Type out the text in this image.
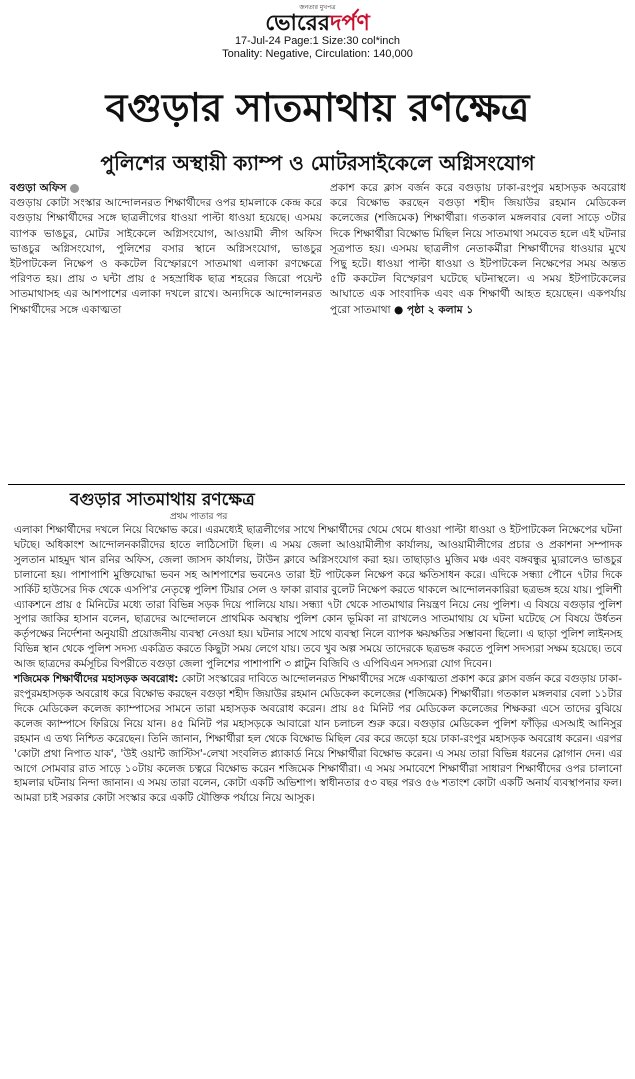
জনতার মুখপত্র
ভোরেরদর্পণ
17-Jul-24 Page:1 Size:30 col*inch
Tonality: Negative, Circulation: 140,000
বগুড়ার সাতমাথায় রণক্ষেত্র
পুলিশের অস্থায়ী ক্যাম্প ও মোটরসাইকেলে অগ্নিসংযোগ
বগুড়া অফিস
বগুড়ায় কোটা সংস্কার আন্দোলনরত শিক্ষার্থীদের ওপর হামলাকে কেন্দ্র করে বগুড়ায় শিক্ষার্থীদের সঙ্গে ছাত্রলীগের ধাওয়া পাল্টা ধাওয়া হয়েছে। এসময় ব্যাপক ভাঙচুর, মোটর সাইকেলে অগ্নিসংযোগ, আওয়ামী লীগ অফিস ভাঙচুর অগ্নিসংযোগ, পুলিশের বসার স্থানে অগ্নিসংযোগ, ভাঙচুর ইটপাটকেল নিক্ষেপ ও ককটেল বিস্ফোরণে সাতমাথা এলাকা রণক্ষেত্রে পরিণত হয়। প্রায় ৩ ঘন্টা প্রায় ৫ সহস্রাধিক ছাত্র শহরের জিরো পয়েন্ট সাতমাথাসহ এর আশপাশের এলাকা দখলে রাখে। অন্যদিকে আন্দোলনরত শিক্ষার্থীদের সঙ্গে একাত্মতা
প্রকাশ করে ক্লাস বর্জন করে বগুড়ায় ঢাকা-রংপুর মহাসড়ক অবরোধ করে বিক্ষোভ করছেন বগুড়া শহীদ জিয়াউর রহমান মেডিকেল কলেজের (শজিমেক) শিক্ষার্থীরা। গতকাল মঙ্গলবার বেলা সাড়ে ৩টার দিকে শিক্ষার্থীরা বিক্ষোভ মিছিল নিয়ে সাতমাথা সমবেত হলে এই ঘটনার সূত্রপাত হয়। এসময় ছাত্রলীগ নেতাকর্মীরা শিক্ষার্থীদের ধাওয়ার মুখে পিছু হটে। ধাওয়া পাল্টা ধাওয়া ও ইটপাটকেল নিক্ষেপের সময় অন্তত ৫টি ককটেল বিস্ফোরণ ঘটেছে ঘটনাস্থলে। এ সময় ইটপাটকেলের আঘাতে এক সাংবাদিক এবং এক শিক্ষার্থী আহত হয়েছেন। একপর্যায় পুরো সাতমাথা ● পৃষ্ঠা ২ কলাম ১
বগুড়ার সাতমাথায় রণক্ষেত্র
প্রথম পাতার পর

এলাকা শিক্ষার্থীদের দখলে নিয়ে বিক্ষোভ করে। এরমধ্যেই ছাত্রলীগের সাথে শিক্ষার্থীদের থেমে থেমে ধাওয়া পাল্টা ধাওয়া ও ইটপাটকেল নিক্ষেপের ঘটনা ঘটছে। অধিকাংশ আন্দোলনকারীদের হাতে লাঠিসোটা ছিল। এ সময় জেলা আওয়ামীলীগ কার্যালয়, আওয়ামীলীগের প্রচার ও প্রকাশনা সম্পাদক সুলতান মাহমুদ খান রনির অফিস, জেলা জাসদ কার্যালয়, টাউন ক্লাবে অগ্নিসংযোগ করা হয়। তাছাড়াও মুজিব মঞ্চ এবং বঙ্গবন্ধুর ম্যুরালেও ভাঙচুর চালানো হয়। পাশাপাশি মুক্তিযোদ্ধা ভবন সহ আশপাশের ভবনেও তারা ইট পাটকেল নিক্ষেপ করে ক্ষতিসাধন করে। এদিকে সন্ধ্যা পৌনে ৭টার দিকে সার্কিট হাউসের দিক থেকে এসপি'র নেতৃত্বে পুলিশ টিয়ার সেল ও ফাকা রাবার বুলেট নিক্ষেপ করতে থাকলে আন্দোলনকারিরা ছত্রভঙ্গ হয়ে যায়। পুলিশী এ্যাকশনে প্রায় ৫ মিনিটের মধ্যে তারা বিভিন্ন সড়ক দিয়ে পালিয়ে যায়। সন্ধ্যা ৭টা থেকে সাতমাথার নিয়ন্ত্রণ নিয়ে নেয় পুলিশ। এ বিষয়ে বগুড়ার পুলিশ সুপার জাকির হাসান বলেন, ছাত্রদের আন্দোলনে প্রাথমিক অবস্থায় পুলিশ কোন ভূমিকা না রাখলেও সাতমাথায় যে ঘটনা ঘটেছে সে বিষয়ে উর্ধতন কর্তৃপক্ষের নির্দেশনা অনুযায়ী প্রয়োজনীয় ব্যবস্থা নেওয়া হয়। ঘটনার সাথে সাথে ব্যবস্থা নিলে ব্যাপক ক্ষয়ক্ষতির সম্ভাবনা ছিলো। এ ছাড়া পুলিশ লাইনসহ বিভিন্ন স্থান থেকে পুলিশ সদস্য একত্রিত করতে কিছুটা সময় লেগে যায়। তবে খুব অল্প সময়ে তাদেরকে ছত্রভঙ্গ করতে পুলিশ সদস্যরা সক্ষম হয়েছে। তবে আজ ছাত্রদের কর্মসূচির বিপরীতে বগুড়া জেলা পুলিশের পাশাপাশি ৩ প্লাটুন বিজিবি ও এপিবিএন সদস্যরা যোগ দিবেন।

শজিমেক শিক্ষার্থীদের মহাসড়ক অবরোধ: কোটা সংস্কারের দাবিতে আন্দোলনরত শিক্ষার্থীদের সঙ্গে একাত্মতা প্রকাশ করে ক্লাস বর্জন করে বগুড়ায় ঢাকা-রংপুরমহাসড়ক অবরোধ করে বিক্ষোভ করছেন বগুড়া শহীদ জিয়াউর রহমান মেডিকেল কলেজের (শজিমেক) শিক্ষার্থীরা। গতকাল মঙ্গলবার বেলা ১১টার দিকে মেডিকেল কলেজ ক্যাম্পাসের সামনে তারা মহাসড়ক অবরোধ করেন। প্রায় ৪৫ মিনিট পর মেডিকেল কলেজের শিক্ষকরা এসে তাদের বুঝিয়ে কলেজ ক্যাম্পাসে ফিরিয়ে নিয়ে যান। ৪৫ মিনিট পর মহাসড়কে আবারো যান চলাচল শুরু করে। বগুড়ার মেডিকেল পুলিশ ফাঁড়ির এসআই আনিসুর রহমান এ তথ্য নিশ্চিত করেছেন। তিনি জানান, শিক্ষার্থীরা হল থেকে বিক্ষোভ মিছিল বের করে জড়ো হয়ে ঢাকা-রংপুর মহাসড়ক অবরোধ করেন। এরপর 'কোটা প্রথা নিপাত যাক', 'উই ওয়ান্ট জাস্টিস'-লেখা সংবলিত প্ল্যাকার্ড নিয়ে শিক্ষার্থীরা বিক্ষোভ করেন। এ সময় তারা বিভিন্ন ধরনের স্লোগান দেন। এর আগে সোমবার রাত সাড়ে ১০টায় কলেজ চত্বরে বিক্ষোভ করেন শজিমেক শিক্ষার্থীরা। এ সময় সমাবেশে শিক্ষার্থীরা সাধারণ শিক্ষার্থীদের ওপর চালানো হামলার ঘটনায় নিন্দা জানান। এ সময় তারা বলেন, কোটা একটি অভিশাপ। স্বাধীনতার ৫৩ বছর পরও ৫৬ শতাংশ কোটা একটি অনার্য ব্যবস্থাপনার ফল। আমরা চাই সরকার কোটা সংস্কার করে একটি যৌক্তিক পর্যায়ে নিয়ে আসুক।
